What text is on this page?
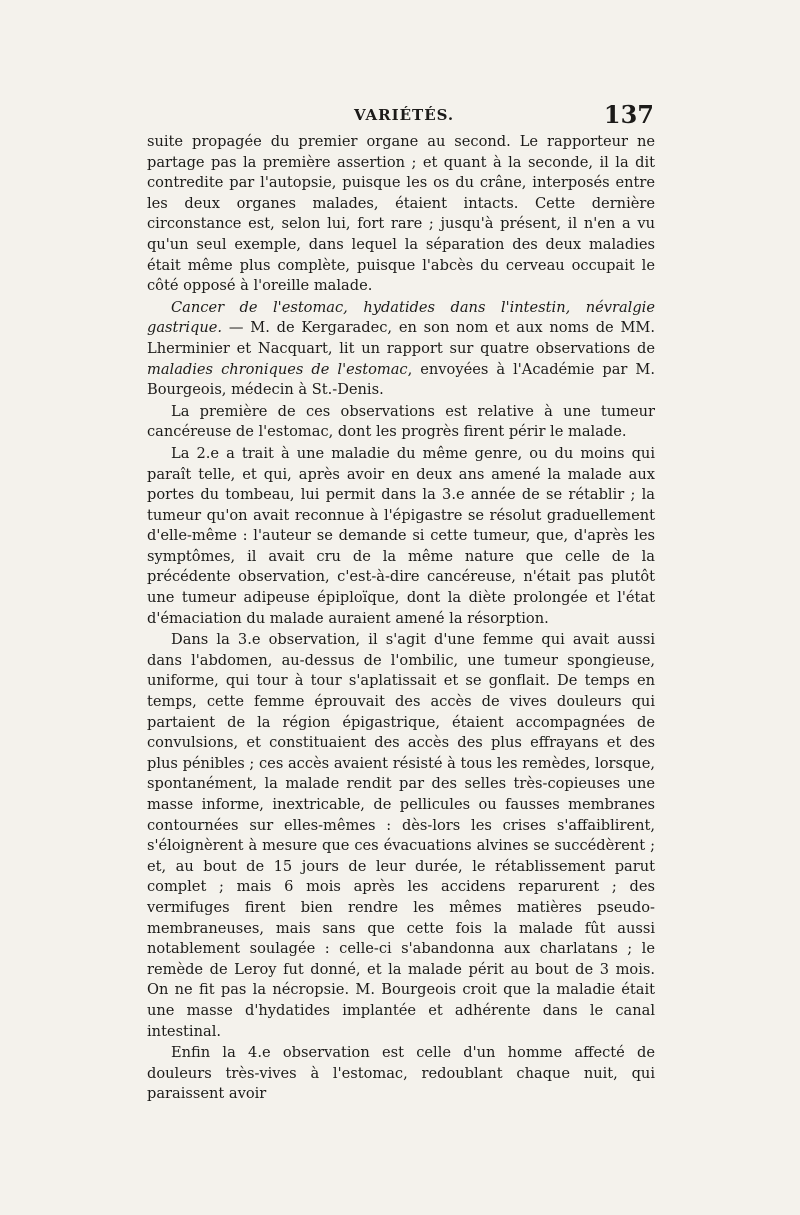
VARIÉTÉS.	137

suite propagée du premier organe au second. Le rapporteur ne partage pas la première assertion ; et quant à la seconde, il la dit contredite par l'autopsie, puisque les os du crâne, interposés entre les deux organes malades, étaient intacts. Cette dernière circonstance est, selon lui, fort rare ; jusqu'à présent, il n'en a vu qu'un seul exemple, dans lequel la séparation des deux maladies était même plus complète, puisque l'abcès du cerveau occupait le côté opposé à l'oreille malade.

Cancer de l'estomac, hydatides dans l'intestin, névralgie gastrique. — M. de Kergaradec, en son nom et aux noms de MM. Lherminier et Nacquart, lit un rapport sur quatre observations de maladies chroniques de l'estomac, envoyées à l'Académie par M. Bourgeois, médecin à St.-Denis.

La première de ces observations est relative à une tumeur cancéreuse de l'estomac, dont les progrès firent périr le malade.

La 2.e a trait à une maladie du même genre, ou du moins qui paraît telle, et qui, après avoir en deux ans amené la malade aux portes du tombeau, lui permit dans la 3.e année de se rétablir ; la tumeur qu'on avait reconnue à l'épigastre se résolut graduellement d'elle-même : l'auteur se demande si cette tumeur, que, d'après les symptômes, il avait cru de la même nature que celle de la précédente observation, c'est-à-dire cancéreuse, n'était pas plutôt une tumeur adipeuse épiploïque, dont la diète prolongée et l'état d'émaciation du malade auraient amené la résorption.

Dans la 3.e observation, il s'agit d'une femme qui avait aussi dans l'abdomen, au-dessus de l'ombilic, une tumeur spongieuse, uniforme, qui tour à tour s'aplatissait et se gonflait. De temps en temps, cette femme éprouvait des accès de vives douleurs qui partaient de la région épigastrique, étaient accompagnées de convulsions, et constituaient des accès des plus effrayans et des plus pénibles ; ces accès avaient résisté à tous les remèdes, lorsque, spontanément, la malade rendit par des selles très-copieuses une masse informe, inextricable, de pellicules ou fausses membranes contournées sur elles-mêmes : dès-lors les crises s'affaiblirent, s'éloignèrent à mesure que ces évacuations alvines se succédèrent ; et, au bout de 15 jours de leur durée, le rétablissement parut complet ; mais 6 mois après les accidens reparurent ; des vermifuges firent bien rendre les mêmes matières pseudo-membraneuses, mais sans que cette fois la malade fût aussi notablement soulagée : celle-ci s'abandonna aux charlatans ; le remède de Leroy fut donné, et la malade périt au bout de 3 mois. On ne fit pas la nécropsie. M. Bourgeois croit que la maladie était une masse d'hydatides implantée et adhérente dans le canal intestinal.

Enfin la 4.e observation est celle d'un homme affecté de douleurs très-vives à l'estomac, redoublant chaque nuit, qui paraissent avoir
